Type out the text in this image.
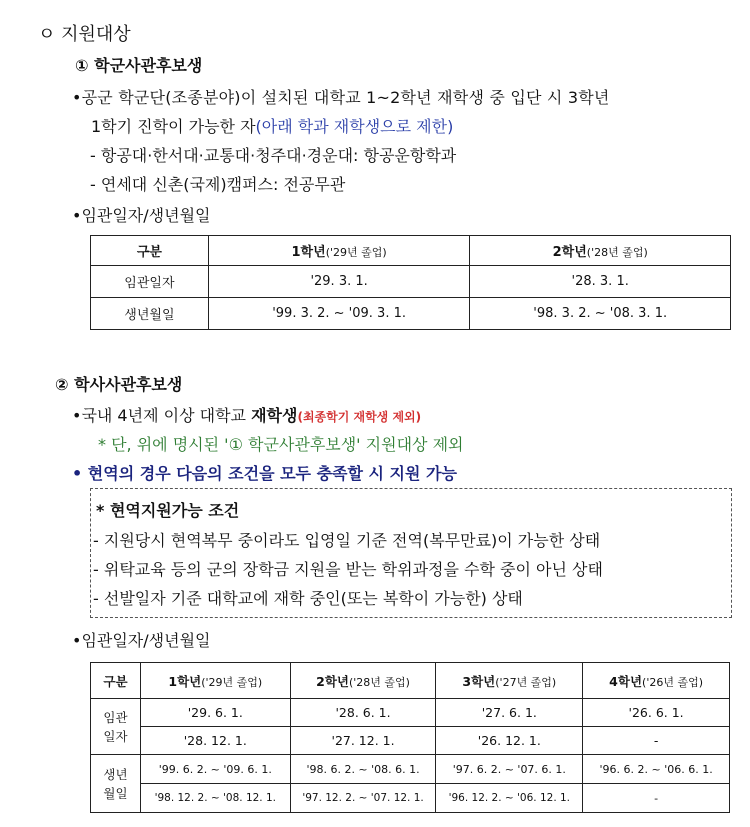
ㅇ 지원대상
① 학군사관후보생
•공군 학군단(조종분야)이 설치된 대학교 1~2학년 재학생 중 입단 시 3학년
1학기 진학이 가능한 자(아래 학과 재학생으로 제한)
- 항공대·한서대·교통대·청주대·경운대: 항공운항학과
- 연세대 신촌(국제)캠퍼스: 전공무관
•임관일자/생년월일
구분	1학년('29년 졸업)	2학년('28년 졸업)
임관일자	'29. 3. 1.	'28. 3. 1.
생년월일	'99. 3. 2. ~ '09. 3. 1.	'98. 3. 2. ~ '08. 3. 1.
② 학사사관후보생
•국내 4년제 이상 대학교 재학생(최종학기 재학생 제외)
* 단, 위에 명시된 '① 학군사관후보생' 지원대상 제외
• 현역의 경우 다음의 조건을 모두 충족할 시 지원 가능
* 현역지원가능 조건
- 지원당시 현역복무 중이라도 입영일 기준 전역(복무만료)이 가능한 상태
- 위탁교육 등의 군의 장학금 지원을 받는 학위과정을 수학 중이 아닌 상태
- 선발일자 기준 대학교에 재학 중인(또는 복학이 가능한) 상태
•임관일자/생년월일
구분	1학년('29년 졸업)	2학년('28년 졸업)	3학년('27년 졸업)	4학년('26년 졸업)
임관
일자	'29. 6. 1.	'28. 6. 1.	'27. 6. 1.	'26. 6. 1.
	'28. 12. 1.	'27. 12. 1.	'26. 12. 1.	-
생년
월일	'99. 6. 2. ~ '09. 6. 1.	'98. 6. 2. ~ '08. 6. 1.	'97. 6. 2. ~ '07. 6. 1.	'96. 6. 2. ~ '06. 6. 1.
	'98. 12. 2. ~ '08. 12. 1.	'97. 12. 2. ~ '07. 12. 1.	'96. 12. 2. ~ '06. 12. 1.	-
